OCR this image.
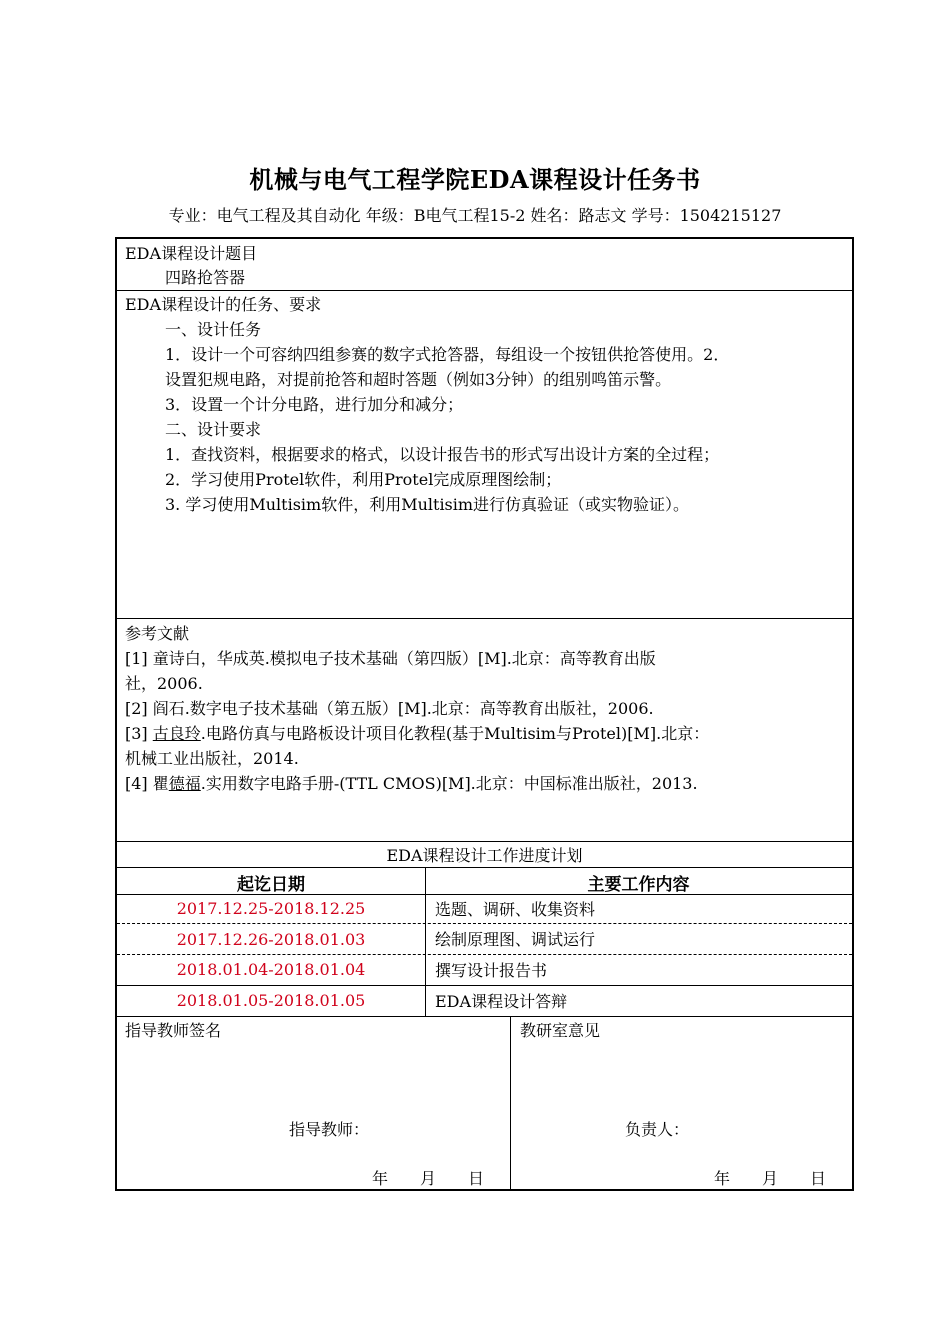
机械与电气工程学院EDA课程设计任务书
专业：电气工程及其自动化 年级：B电气工程15-2 姓名：路志文 学号：1504215127
EDA课程设计题目
四路抢答器
EDA课程设计的任务、要求
一、设计任务
1．设计一个可容纳四组参赛的数字式抢答器，每组设一个按钮供抢答使用。2．
设置犯规电路，对提前抢答和超时答题（例如3分钟）的组别鸣笛示警。
3．设置一个计分电路，进行加分和减分；
二、设计要求
1．查找资料，根据要求的格式，以设计报告书的形式写出设计方案的全过程；
2．学习使用Protel软件，利用Protel完成原理图绘制；
3. 学习使用Multisim软件，利用Multisim进行仿真验证（或实物验证）。
参考文献
[1] 童诗白，华成英.模拟电子技术基础（第四版）[M].北京：高等教育出版
社，2006.
[2] 阎石.数字电子技术基础（第五版）[M].北京：高等教育出版社，2006.
[3] 古良玲.电路仿真与电路板设计项目化教程(基于Multisim与Protel)[M].北京：
机械工业出版社，2014.
[4] 瞿德福.实用数字电路手册-(TTL CMOS)[M].北京：中国标准出版社，2013.
EDA课程设计工作进度计划
起讫日期	主要工作内容
2017.12.25-2018.12.25	选题、调研、收集资料
2017.12.26-2018.01.03	绘制原理图、调试运行
2018.01.04-2018.01.04	撰写设计报告书
2018.01.05-2018.01.05	EDA课程设计答辩
指导教师签名
指导教师：
年 月 日
教研室意见
负责人：
年 月 日
